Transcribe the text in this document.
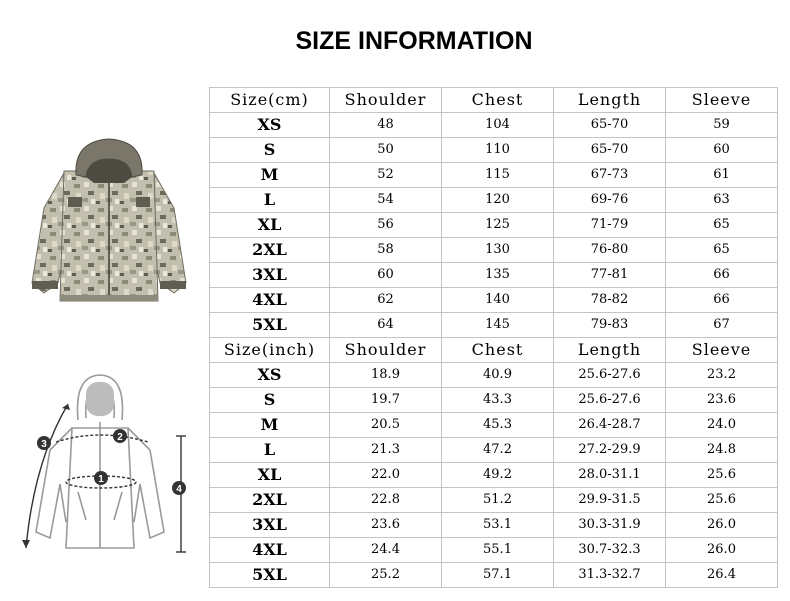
SIZE INFORMATION
1
2
3
4
Size(cm)	Shoulder	Chest	Length	Sleeve
XS	48	104	65-70	59
S	50	110	65-70	60
M	52	115	67-73	61
L	54	120	69-76	63
XL	56	125	71-79	65
2XL	58	130	76-80	65
3XL	60	135	77-81	66
4XL	62	140	78-82	66
5XL	64	145	79-83	67
Size(inch)	Shoulder	Chest	Length	Sleeve
XS	18.9	40.9	25.6-27.6	23.2
S	19.7	43.3	25.6-27.6	23.6
M	20.5	45.3	26.4-28.7	24.0
L	21.3	47.2	27.2-29.9	24.8
XL	22.0	49.2	28.0-31.1	25.6
2XL	22.8	51.2	29.9-31.5	25.6
3XL	23.6	53.1	30.3-31.9	26.0
4XL	24.4	55.1	30.7-32.3	26.0
5XL	25.2	57.1	31.3-32.7	26.4
